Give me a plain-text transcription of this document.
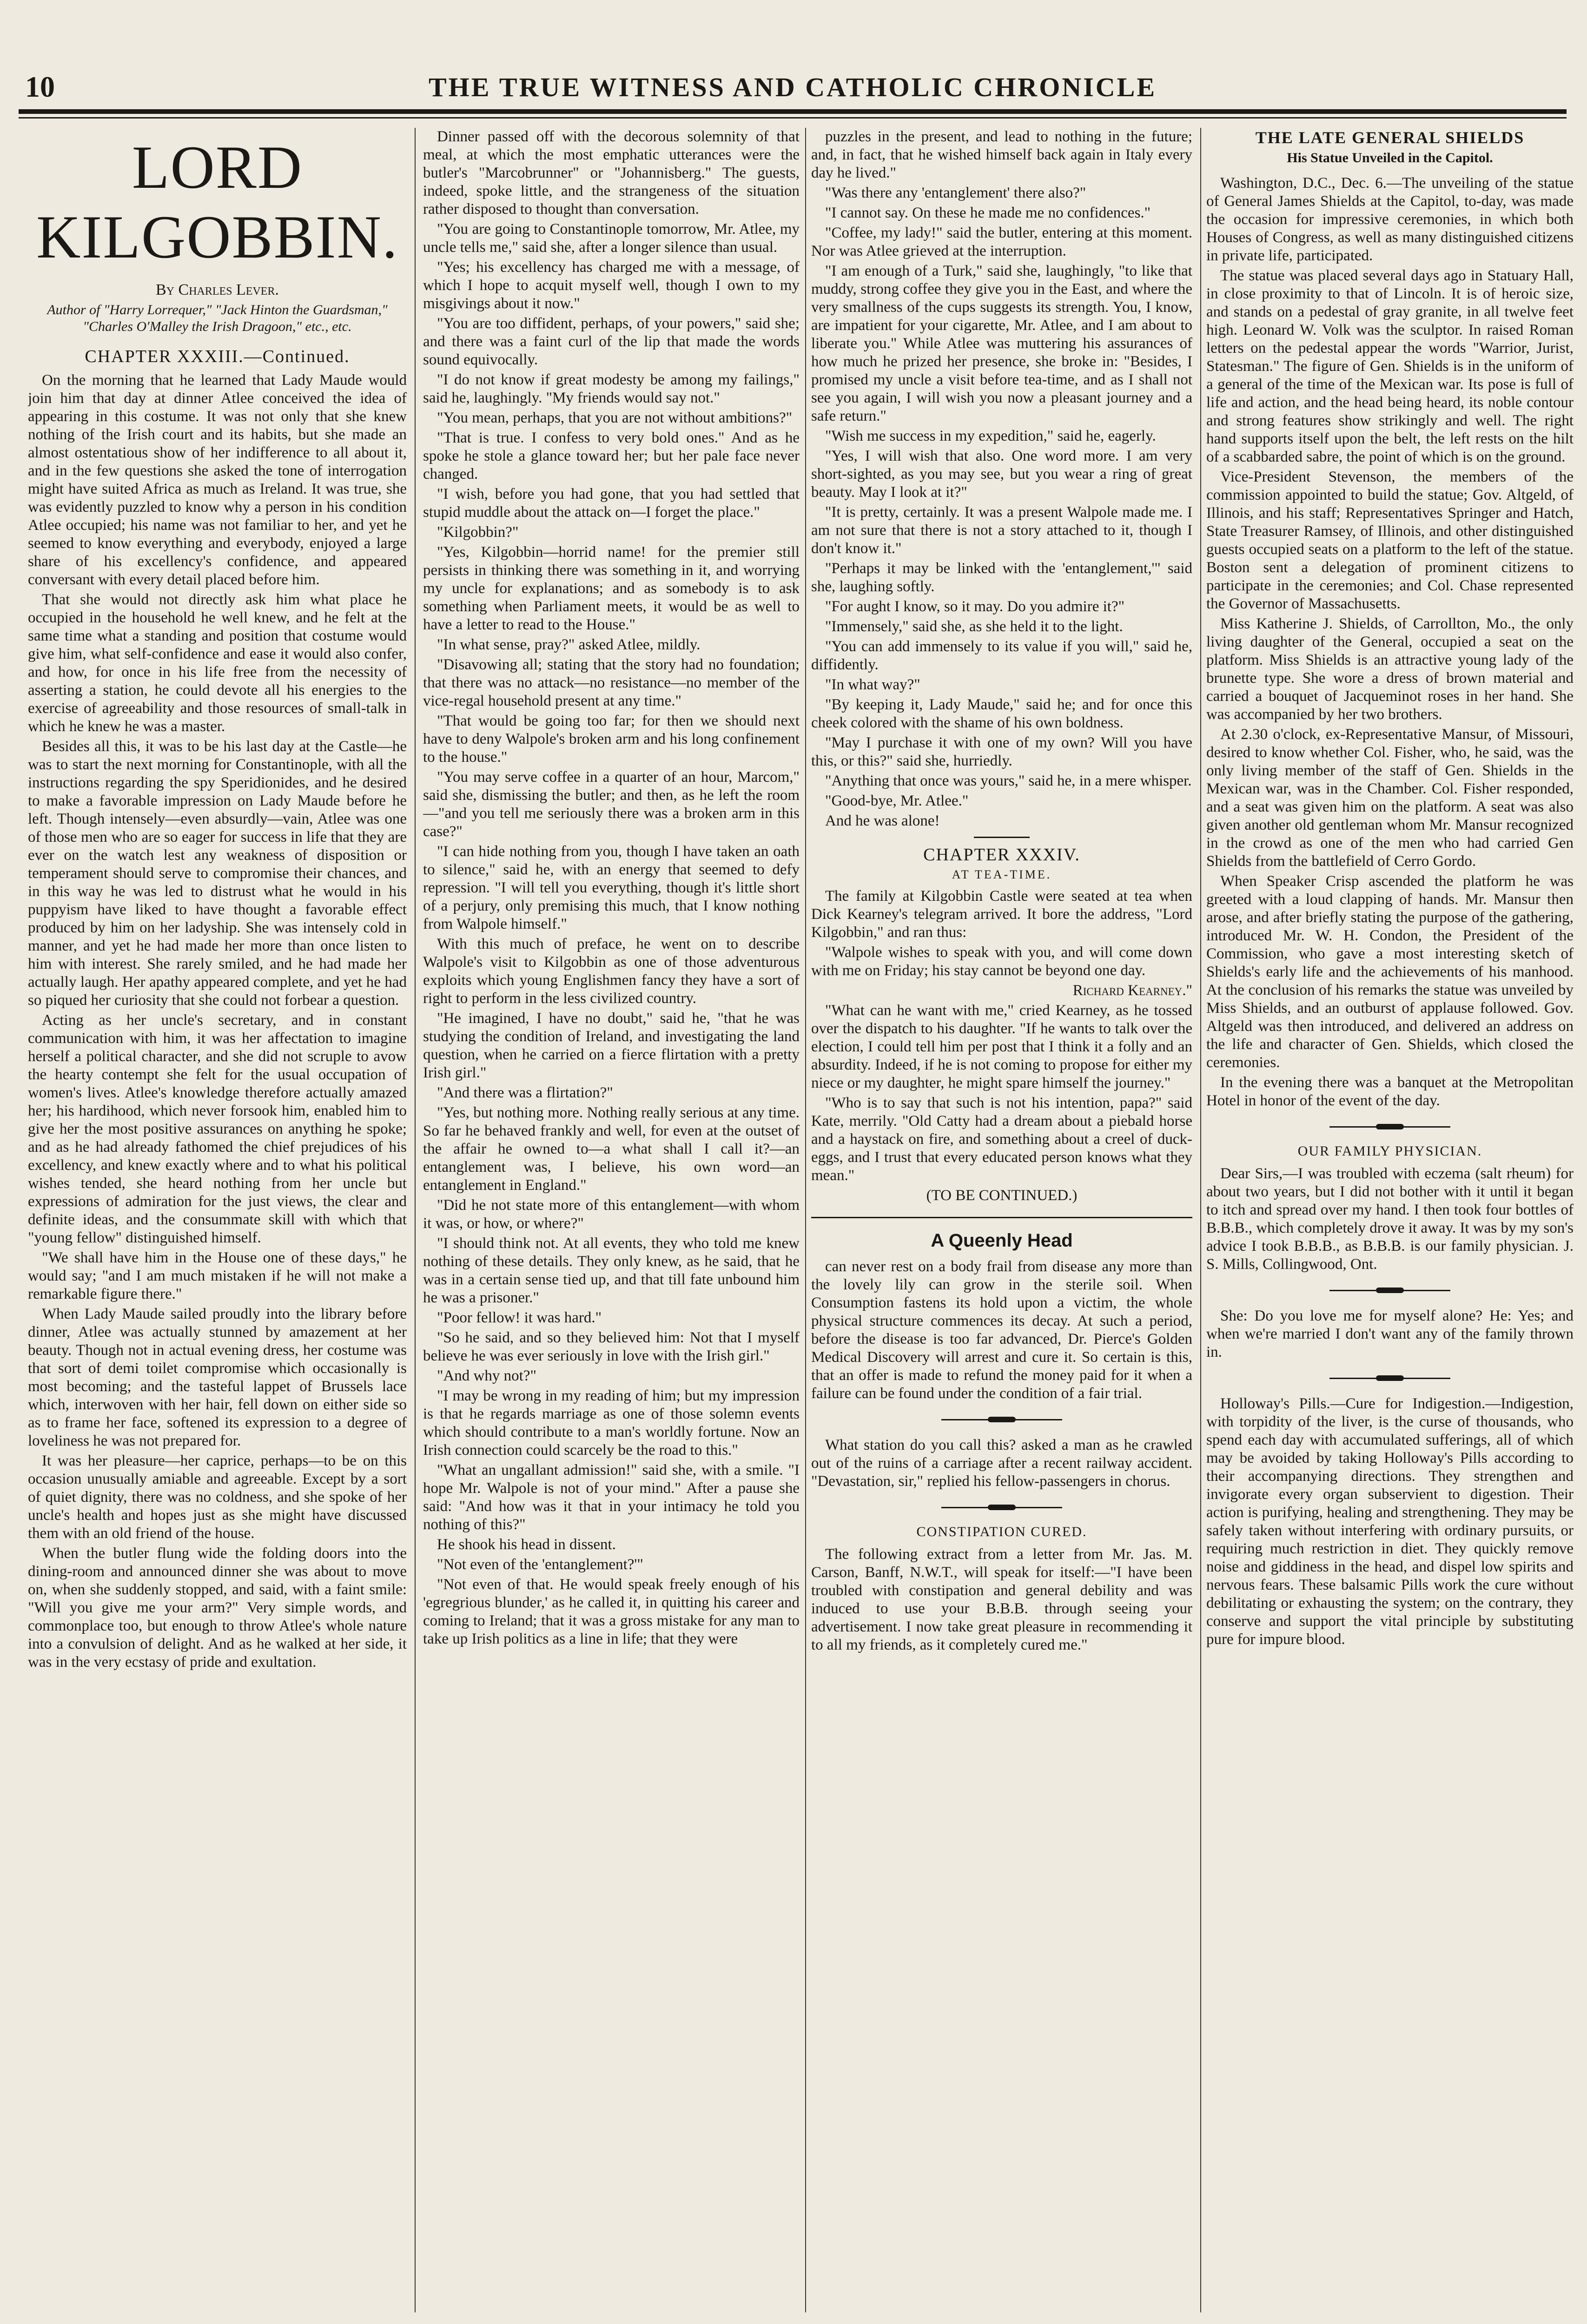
10	THE TRUE WITNESS AND CATHOLIC CHRONICLE
LORD KILGOBBIN.
By Charles Lever.
Author of "Harry Lorrequer," "Jack Hinton the Guardsman," "Charles O'Malley the Irish Dragoon," etc., etc.
CHAPTER XXXIII.—Continued.

On the morning that he learned that Lady Maude would join him that day at dinner Atlee conceived the idea of appearing in this costume. It was not only that she knew nothing of the Irish court and its habits, but she made an almost ostentatious show of her indifference to all about it, and in the few questions she asked the tone of interrogation might have suited Africa as much as Ireland. It was true, she was evidently puzzled to know why a person in his condition Atlee occupied; his name was not familiar to her, and yet he seemed to know everything and everybody, enjoyed a large share of his excellency's confidence, and appeared conversant with every detail placed before him.

That she would not directly ask him what place he occupied in the household he well knew, and he felt at the same time what a standing and position that costume would give him, what self-confidence and ease it would also confer, and how, for once in his life free from the necessity of asserting a station, he could devote all his energies to the exercise of agreeability and those resources of small-talk in which he knew he was a master.

Besides all this, it was to be his last day at the Castle—he was to start the next morning for Constantinople, with all the instructions regarding the spy Speridionides, and he desired to make a favorable impression on Lady Maude before he left. Though intensely—even absurdly—vain, Atlee was one of those men who are so eager for success in life that they are ever on the watch lest any weakness of disposition or temperament should serve to compromise their chances, and in this way he was led to distrust what he would in his puppyism have liked to have thought a favorable effect produced by him on her ladyship. She was intensely cold in manner, and yet he had made her more than once listen to him with interest. She rarely smiled, and he had made her actually laugh. Her apathy appeared complete, and yet he had so piqued her curiosity that she could not forbear a question.

Acting as her uncle's secretary, and in constant communication with him, it was her affectation to imagine herself a political character, and she did not scruple to avow the hearty contempt she felt for the usual occupation of women's lives. Atlee's knowledge therefore actually amazed her; his hardihood, which never forsook him, enabled him to give her the most positive assurances on anything he spoke; and as he had already fathomed the chief prejudices of his excellency, and knew exactly where and to what his political wishes tended, she heard nothing from her uncle but expressions of admiration for the just views, the clear and definite ideas, and the consummate skill with which that "young fellow" distinguished himself.

"We shall have him in the House one of these days," he would say; "and I am much mistaken if he will not make a remarkable figure there."

When Lady Maude sailed proudly into the library before dinner, Atlee was actually stunned by amazement at her beauty. Though not in actual evening dress, her costume was that sort of demi toilet compromise which occasionally is most becoming; and the tasteful lappet of Brussels lace which, interwoven with her hair, fell down on either side so as to frame her face, softened its expression to a degree of loveliness he was not prepared for.

It was her pleasure—her caprice, perhaps—to be on this occasion unusually amiable and agreeable. Except by a sort of quiet dignity, there was no coldness, and she spoke of her uncle's health and hopes just as she might have discussed them with an old friend of the house.

When the butler flung wide the folding doors into the dining-room and announced dinner she was about to move on, when she suddenly stopped, and said, with a faint smile: "Will you give me your arm?" Very simple words, and commonplace too, but enough to throw Atlee's whole nature into a convulsion of delight. And as he walked at her side, it was in the very ecstasy of pride and exultation.

Dinner passed off with the decorous solemnity of that meal, at which the most emphatic utterances were the butler's "Marcobrunner" or "Johannisberg." The guests, indeed, spoke little, and the strangeness of the situation rather disposed to thought than conversation.

"You are going to Constantinople tomorrow, Mr. Atlee, my uncle tells me," said she, after a longer silence than usual.

"Yes; his excellency has charged me with a message, of which I hope to acquit myself well, though I own to my misgivings about it now."

"You are too diffident, perhaps, of your powers," said she; and there was a faint curl of the lip that made the words sound equivocally.

"I do not know if great modesty be among my failings," said he, laughingly. "My friends would say not."

"You mean, perhaps, that you are not without ambitions?"

"That is true. I confess to very bold ones." And as he spoke he stole a glance toward her; but her pale face never changed.

"I wish, before you had gone, that you had settled that stupid muddle about the attack on—I forget the place."

"Kilgobbin?"

"Yes, Kilgobbin—horrid name! for the premier still persists in thinking there was something in it, and worrying my uncle for explanations; and as somebody is to ask something when Parliament meets, it would be as well to have a letter to read to the House."

"In what sense, pray?" asked Atlee, mildly.

"Disavowing all; stating that the story had no foundation; that there was no attack—no resistance—no member of the vice-regal household present at any time."

"That would be going too far; for then we should next have to deny Walpole's broken arm and his long confinement to the house."

"You may serve coffee in a quarter of an hour, Marcom," said she, dismissing the butler; and then, as he left the room—"and you tell me seriously there was a broken arm in this case?"

"I can hide nothing from you, though I have taken an oath to silence," said he, with an energy that seemed to defy repression. "I will tell you everything, though it's little short of a perjury, only premising this much, that I know nothing from Walpole himself."

With this much of preface, he went on to describe Walpole's visit to Kilgobbin as one of those adventurous exploits which young Englishmen fancy they have a sort of right to perform in the less civilized country.

"He imagined, I have no doubt," said he, "that he was studying the condition of Ireland, and investigating the land question, when he carried on a fierce flirtation with a pretty Irish girl."

"And there was a flirtation?"

"Yes, but nothing more. Nothing really serious at any time. So far he behaved frankly and well, for even at the outset of the affair he owned to—a what shall I call it?—an entanglement was, I believe, his own word—an entanglement in England."

"Did he not state more of this entanglement—with whom it was, or how, or where?"

"I should think not. At all events, they who told me knew nothing of these details. They only knew, as he said, that he was in a certain sense tied up, and that till fate unbound him he was a prisoner."

"Poor fellow! it was hard."

"So he said, and so they believed him: Not that I myself believe he was ever seriously in love with the Irish girl."

"And why not?"

"I may be wrong in my reading of him; but my impression is that he regards marriage as one of those solemn events which should contribute to a man's worldly fortune. Now an Irish connection could scarcely be the road to this."

"What an ungallant admission!" said she, with a smile. "I hope Mr. Walpole is not of your mind." After a pause she said: "And how was it that in your intimacy he told you nothing of this?"

He shook his head in dissent.

"Not even of the 'entanglement?'"

"Not even of that. He would speak freely enough of his 'egregrious blunder,' as he called it, in quitting his career and coming to Ireland; that it was a gross mistake for any man to take up Irish politics as a line in life; that they were

puzzles in the present, and lead to nothing in the future; and, in fact, that he wished himself back again in Italy every day he lived."

"Was there any 'entanglement' there also?"

"I cannot say. On these he made me no confidences."

"Coffee, my lady!" said the butler, entering at this moment. Nor was Atlee grieved at the interruption.

"I am enough of a Turk," said she, laughingly, "to like that muddy, strong coffee they give you in the East, and where the very smallness of the cups suggests its strength. You, I know, are impatient for your cigarette, Mr. Atlee, and I am about to liberate you." While Atlee was muttering his assurances of how much he prized her presence, she broke in: "Besides, I promised my uncle a visit before tea-time, and as I shall not see you again, I will wish you now a pleasant journey and a safe return."

"Wish me success in my expedition," said he, eagerly.

"Yes, I will wish that also. One word more. I am very short-sighted, as you may see, but you wear a ring of great beauty. May I look at it?"

"It is pretty, certainly. It was a present Walpole made me. I am not sure that there is not a story attached to it, though I don't know it."

"Perhaps it may be linked with the 'entanglement,'" said she, laughing softly.

"For aught I know, so it may. Do you admire it?"

"Immensely," said she, as she held it to the light.

"You can add immensely to its value if you will," said he, diffidently.

"In what way?"

"By keeping it, Lady Maude," said he; and for once this cheek colored with the shame of his own boldness.

"May I purchase it with one of my own? Will you have this, or this?" said she, hurriedly.

"Anything that once was yours," said he, in a mere whisper.

"Good-bye, Mr. Atlee."

And he was alone!

CHAPTER XXXIV.
AT TEA-TIME.

The family at Kilgobbin Castle were seated at tea when Dick Kearney's telegram arrived. It bore the address, "Lord Kilgobbin," and ran thus:

"Walpole wishes to speak with you, and will come down with me on Friday; his stay cannot be beyond one day.

Richard Kearney."

"What can he want with me," cried Kearney, as he tossed over the dispatch to his daughter. "If he wants to talk over the election, I could tell him per post that I think it a folly and an absurdity. Indeed, if he is not coming to propose for either my niece or my daughter, he might spare himself the journey."

"Who is to say that such is not his intention, papa?" said Kate, merrily. "Old Catty had a dream about a piebald horse and a haystack on fire, and something about a creel of duck-eggs, and I trust that every educated person knows what they mean."

(TO BE CONTINUED.)

A Queenly Head

can never rest on a body frail from disease any more than the lovely lily can grow in the sterile soil. When Consumption fastens its hold upon a victim, the whole physical structure commences its decay. At such a period, before the disease is too far advanced, Dr. Pierce's Golden Medical Discovery will arrest and cure it. So certain is this, that an offer is made to refund the money paid for it when a failure can be found under the condition of a fair trial.

What station do you call this? asked a man as he crawled out of the ruins of a carriage after a recent railway accident. "Devastation, sir," replied his fellow-passengers in chorus.

CONSTIPATION CURED.

The following extract from a letter from Mr. Jas. M. Carson, Banff, N.W.T., will speak for itself:—"I have been troubled with constipation and general debility and was induced to use your B.B.B. through seeing your advertisement. I now take great pleasure in recommending it to all my friends, as it completely cured me."

THE LATE GENERAL SHIELDS
His Statue Unveiled in the Capitol.

Washington, D.C., Dec. 6.—The unveiling of the statue of General James Shields at the Capitol, to-day, was made the occasion for impressive ceremonies, in which both Houses of Congress, as well as many distinguished citizens in private life, participated.

The statue was placed several days ago in Statuary Hall, in close proximity to that of Lincoln. It is of heroic size, and stands on a pedestal of gray granite, in all twelve feet high. Leonard W. Volk was the sculptor. In raised Roman letters on the pedestal appear the words "Warrior, Jurist, Statesman." The figure of Gen. Shields is in the uniform of a general of the time of the Mexican war. Its pose is full of life and action, and the head being heard, its noble contour and strong features show strikingly and well. The right hand supports itself upon the belt, the left rests on the hilt of a scabbarded sabre, the point of which is on the ground.

Vice-President Stevenson, the members of the commission appointed to build the statue; Gov. Altgeld, of Illinois, and his staff; Representatives Springer and Hatch, State Treasurer Ramsey, of Illinois, and other distinguished guests occupied seats on a platform to the left of the statue. Boston sent a delegation of prominent citizens to participate in the ceremonies; and Col. Chase represented the Governor of Massachusetts.

Miss Katherine J. Shields, of Carrollton, Mo., the only living daughter of the General, occupied a seat on the platform. Miss Shields is an attractive young lady of the brunette type. She wore a dress of brown material and carried a bouquet of Jacqueminot roses in her hand. She was accompanied by her two brothers.

At 2.30 o'clock, ex-Representative Mansur, of Missouri, desired to know whether Col. Fisher, who, he said, was the only living member of the staff of Gen. Shields in the Mexican war, was in the Chamber. Col. Fisher responded, and a seat was given him on the platform. A seat was also given another old gentleman whom Mr. Mansur recognized in the crowd as one of the men who had carried Gen Shields from the battlefield of Cerro Gordo.

When Speaker Crisp ascended the platform he was greeted with a loud clapping of hands. Mr. Mansur then arose, and after briefly stating the purpose of the gathering, introduced Mr. W. H. Condon, the President of the Commission, who gave a most interesting sketch of Shields's early life and the achievements of his manhood. At the conclusion of his remarks the statue was unveiled by Miss Shields, and an outburst of applause followed. Gov. Altgeld was then introduced, and delivered an address on the life and character of Gen. Shields, which closed the ceremonies.

In the evening there was a banquet at the Metropolitan Hotel in honor of the event of the day.

OUR FAMILY PHYSICIAN.

Dear Sirs,—I was troubled with eczema (salt rheum) for about two years, but I did not bother with it until it began to itch and spread over my hand. I then took four bottles of B.B.B., which completely drove it away. It was by my son's advice I took B.B.B., as B.B.B. is our family physician. J. S. Mills, Collingwood, Ont.

She: Do you love me for myself alone? He: Yes; and when we're married I don't want any of the family thrown in.

Holloway's Pills.—Cure for Indigestion.—Indigestion, with torpidity of the liver, is the curse of thousands, who spend each day with accumulated sufferings, all of which may be avoided by taking Holloway's Pills according to their accompanying directions. They strengthen and invigorate every organ subservient to digestion. Their action is purifying, healing and strengthening. They may be safely taken without interfering with ordinary pursuits, or requiring much restriction in diet. They quickly remove noise and giddiness in the head, and dispel low spirits and nervous fears. These balsamic Pills work the cure without debilitating or exhausting the system; on the contrary, they conserve and support the vital principle by substituting pure for impure blood.
